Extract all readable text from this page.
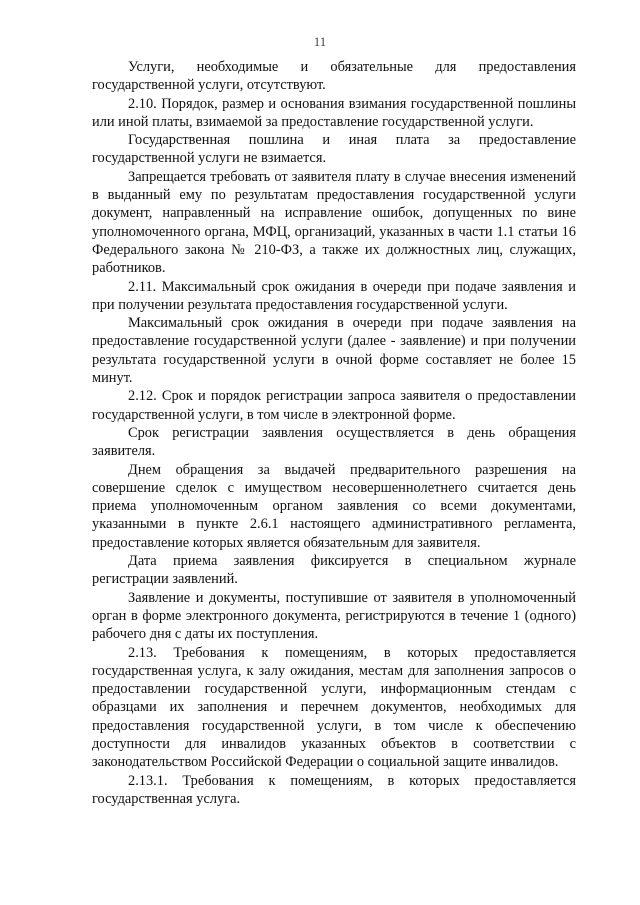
11

Услуги, необходимые и обязательные для предоставления государственной услуги, отсутствуют.

2.10. Порядок, размер и основания взимания государственной пошлины или иной платы, взимаемой за предоставление государственной услуги.

Государственная пошлина и иная плата за предоставление государственной услуги не взимается.

Запрещается требовать от заявителя плату в случае внесения изменений в выданный ему по результатам предоставления государственной услуги документ, направленный на исправление ошибок, допущенных по вине уполномоченного органа, МФЦ, организаций, указанных в части 1.1 статьи 16 Федерального закона № 210-ФЗ, а также их должностных лиц, служащих, работников.

2.11. Максимальный срок ожидания в очереди при подаче заявления и при получении результата предоставления государственной услуги.

Максимальный срок ожидания в очереди при подаче заявления на предоставление государственной услуги (далее - заявление) и при получении результата государственной услуги в очной форме составляет не более 15 минут.

2.12. Срок и порядок регистрации запроса заявителя о предоставлении государственной услуги, в том числе в электронной форме.

Срок регистрации заявления осуществляется в день обращения заявителя.

Днем обращения за выдачей предварительного разрешения на совершение сделок с имуществом несовершеннолетнего считается день приема уполномоченным органом заявления со всеми документами, указанными в пункте 2.6.1 настоящего административного регламента, предоставление которых является обязательным для заявителя.

Дата приема заявления фиксируется в специальном журнале регистрации заявлений.

Заявление и документы, поступившие от заявителя в уполномоченный орган в форме электронного документа, регистрируются в течение 1 (одного) рабочего дня с даты их поступления.

2.13. Требования к помещениям, в которых предоставляется государственная услуга, к залу ожидания, местам для заполнения запросов о предоставлении государственной услуги, информационным стендам с образцами их заполнения и перечнем документов, необходимых для предоставления государственной услуги, в том числе к обеспечению доступности для инвалидов указанных объектов в соответствии с законодательством Российской Федерации о социальной защите инвалидов.

2.13.1. Требования к помещениям, в которых предоставляется государственная услуга.
